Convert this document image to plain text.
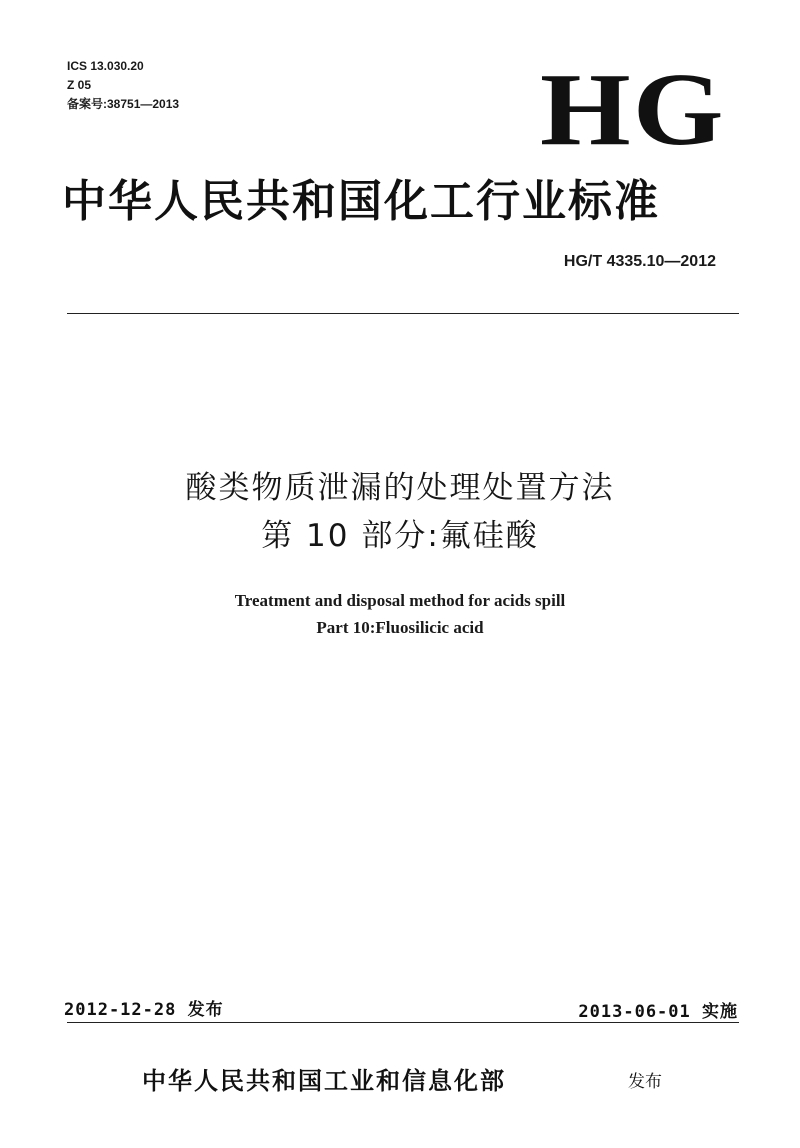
ICS 13.030.20
Z 05
备案号:38751—2013	HG
中华人民共和国化工行业标准
HG/T 4335.10—2012
酸类物质泄漏的处理处置方法
第 10 部分:氟硅酸
Treatment and disposal method for acids spill
Part 10:Fluosilicic acid
2012-12-28 发布	2013-06-01 实施
中华人民共和国工业和信息化部	发布
